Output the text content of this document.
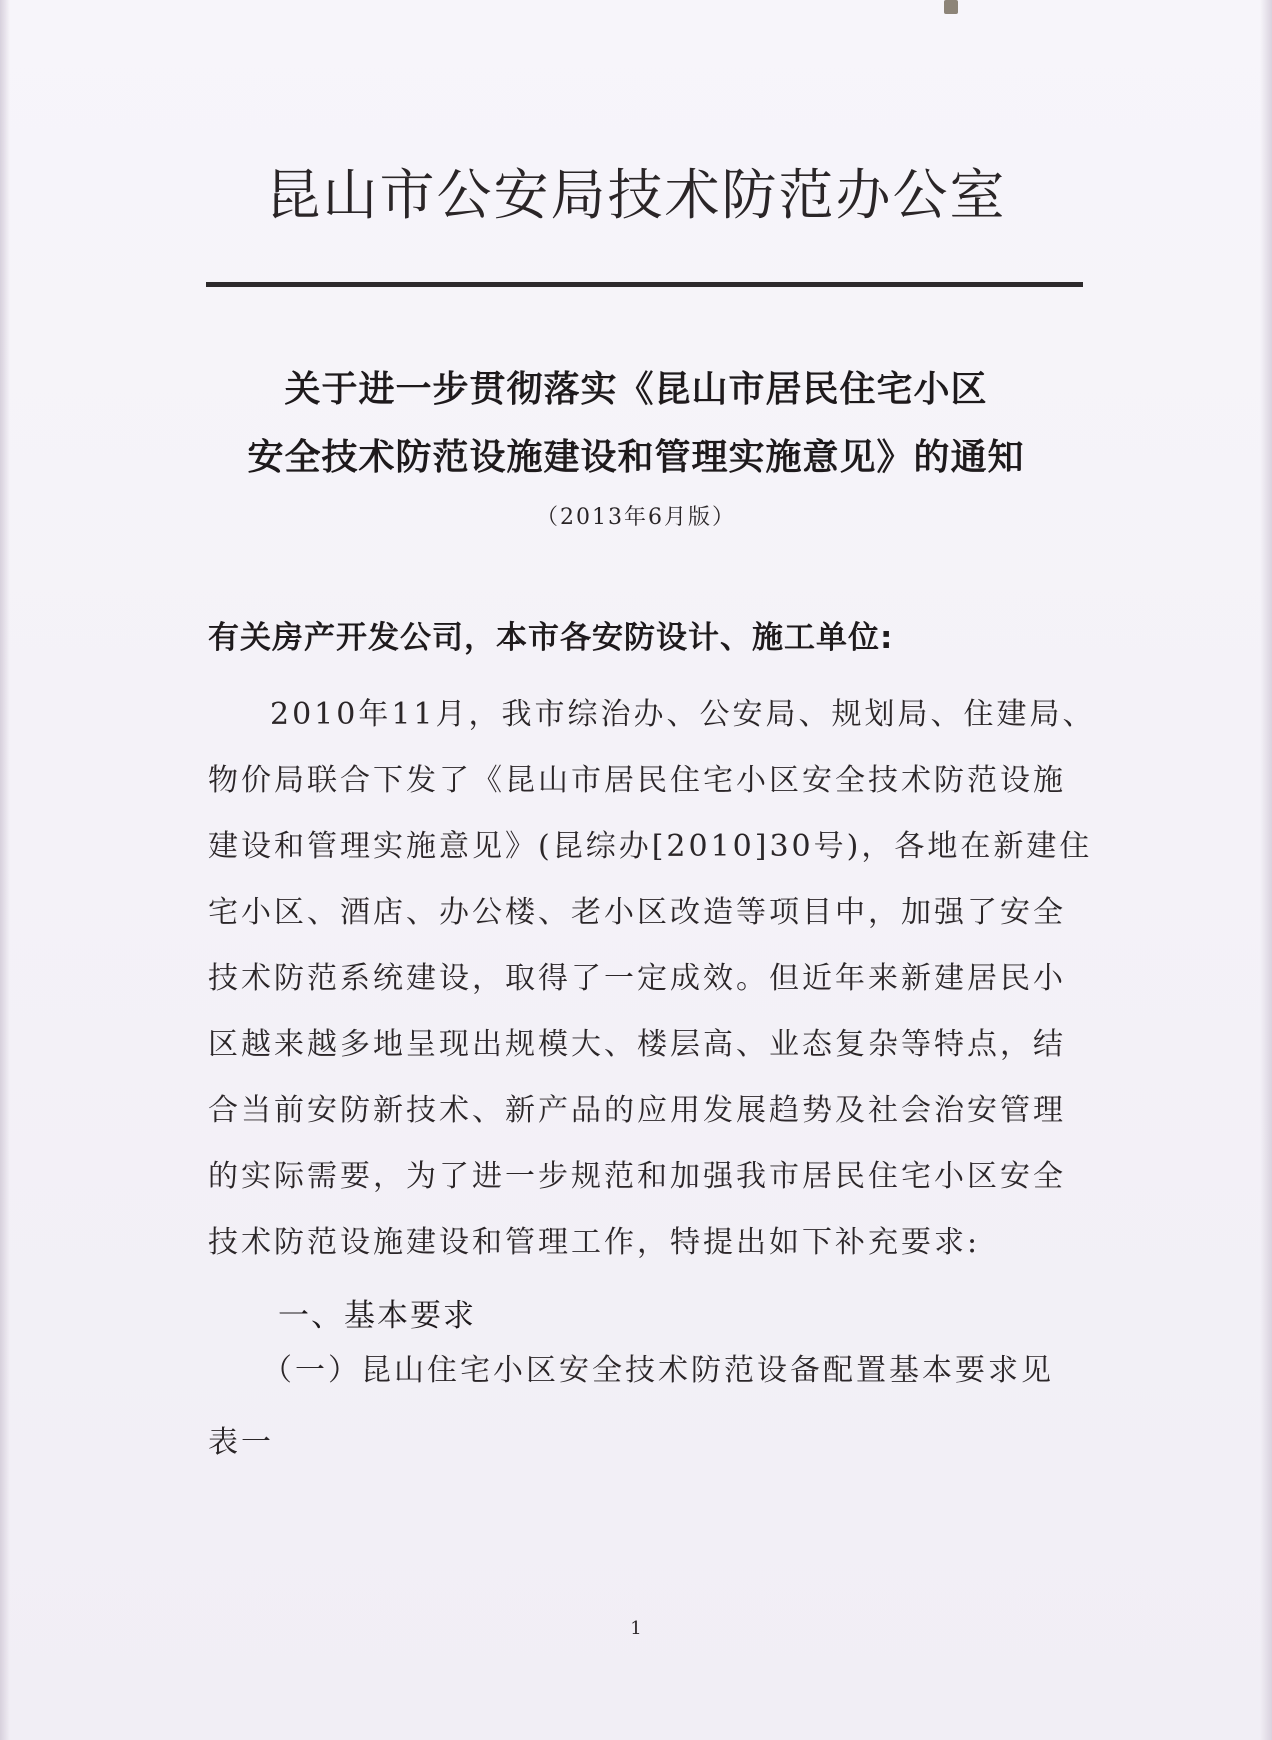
昆山市公安局技术防范办公室
关于进一步贯彻落实《昆山市居民住宅小区
安全技术防范设施建设和管理实施意见》的通知
（2013年6月版）
有关房产开发公司，本市各安防设计、施工单位:
2010年11月，我市综治办、公安局、规划局、住建局、
物价局联合下发了《昆山市居民住宅小区安全技术防范设施
建设和管理实施意见》(昆综办[2010]30号)，各地在新建住
宅小区、酒店、办公楼、老小区改造等项目中，加强了安全
技术防范系统建设，取得了一定成效。但近年来新建居民小
区越来越多地呈现出规模大、楼层高、业态复杂等特点，结
合当前安防新技术、新产品的应用发展趋势及社会治安管理
的实际需要，为了进一步规范和加强我市居民住宅小区安全
一、基本要求
（一）昆山住宅小区安全技术防范设备配置基本要求见
表一
1
技术防范设施建设和管理工作，特提出如下补充要求:
